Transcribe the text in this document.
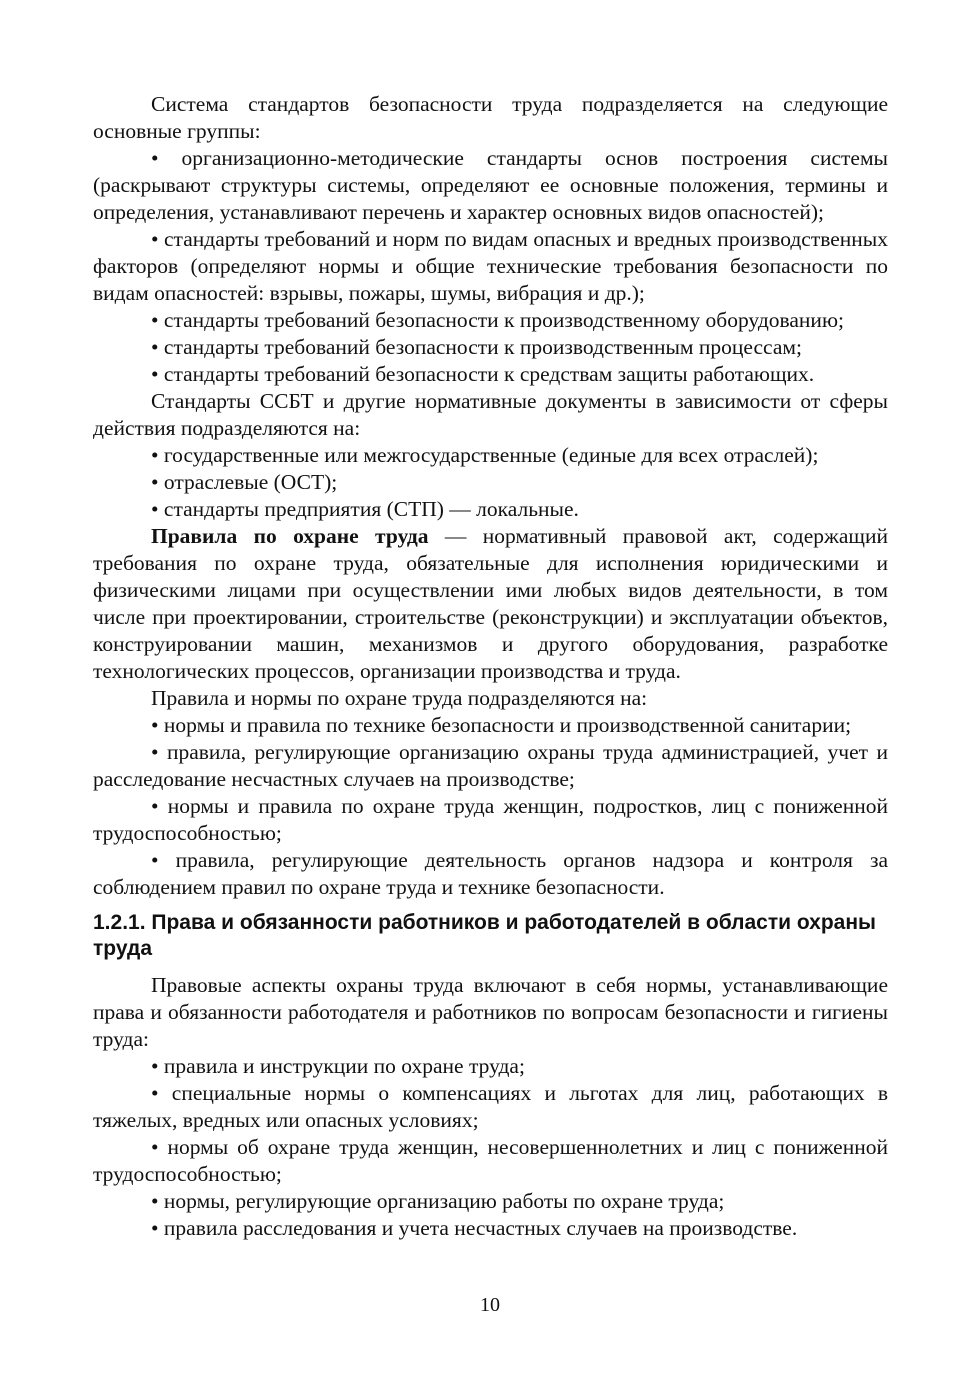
Система стандартов безопасности труда подразделяется на следующие основные группы:

• организационно-методические стандарты основ построения системы (раскрывают структуры системы, определяют ее основные положения, термины и определения, устанавливают перечень и характер основных видов опасностей);

• стандарты требований и норм по видам опасных и вредных производственных факторов (определяют нормы и общие технические требования безопасности по видам опасностей: взрывы, пожары, шумы, вибрация и др.);

• стандарты требований безопасности к производственному оборудованию;

• стандарты требований безопасности к производственным процессам;

• стандарты требований безопасности к средствам защиты работающих.

Стандарты ССБТ и другие нормативные документы в зависимости от сферы действия подразделяются на:

• государственные или межгосударственные (единые для всех отраслей);

• отраслевые (ОСТ);

• стандарты предприятия (СТП) — локальные.

Правила по охране труда — нормативный правовой акт, содержащий требования по охране труда, обязательные для исполнения юридическими и физическими лицами при осуществлении ими любых видов деятельности, в том числе при проектировании, строительстве (реконструкции) и эксплуатации объектов, конструировании машин, механизмов и другого оборудования, разработке технологических процессов, организации производства и труда.

Правила и нормы по охране труда подразделяются на:

• нормы и правила по технике безопасности и производственной санитарии;

• правила, регулирующие организацию охраны труда администрацией, учет и расследование несчастных случаев на производстве;

• нормы и правила по охране труда женщин, подростков, лиц с пониженной трудоспособностью;

• правила, регулирующие деятельность органов надзора и контроля за соблюдением правил по охране труда и технике безопасности.

1.2.1. Права и обязанности работников и работодателей в области охраны труда

Правовые аспекты охраны труда включают в себя нормы, устанавливающие права и обязанности работодателя и работников по вопросам безопасности и гигиены труда:

• правила и инструкции по охране труда;

• специальные нормы о компенсациях и льготах для лиц, работающих в тяжелых, вредных или опасных условиях;

• нормы об охране труда женщин, несовершеннолетних и лиц с пониженной трудоспособностью;

• нормы, регулирующие организацию работы по охране труда;

• правила расследования и учета несчастных случаев на производстве.

10
